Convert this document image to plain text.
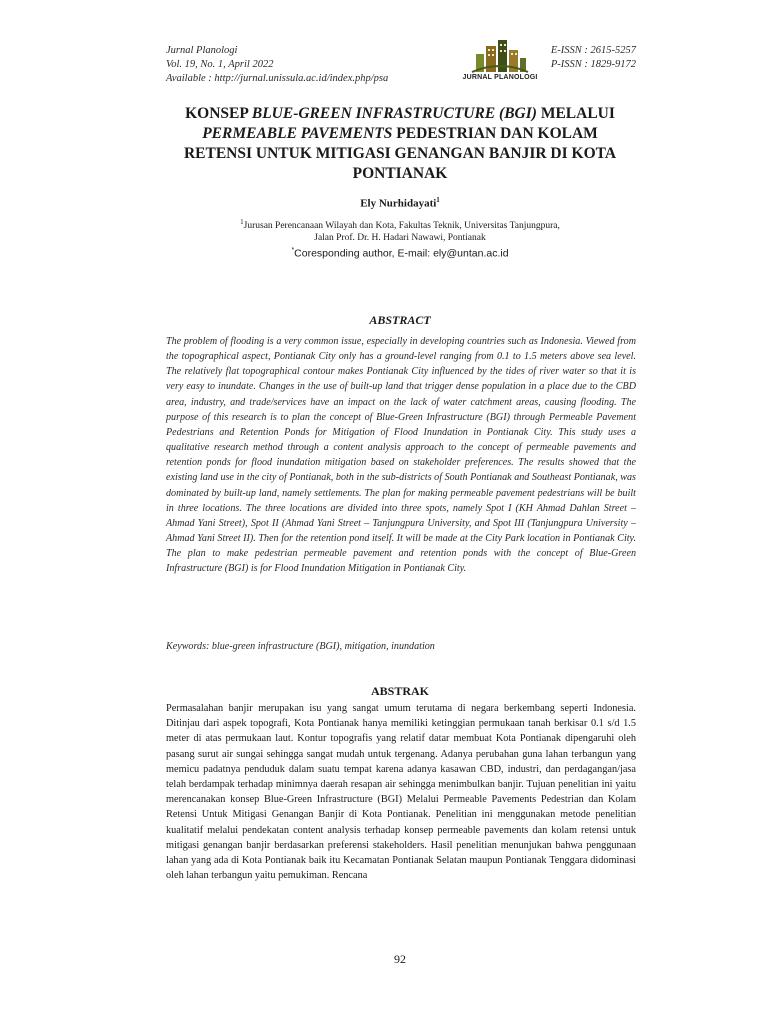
Jurnal Planologi
Vol. 19, No. 1, April 2022
Available : http://jurnal.unissula.ac.id/index.php/psa	JURNAL PLANOLOGI
E-ISSN : 2615-5257
P-ISSN : 1829-9172
KONSEP BLUE-GREEN INFRASTRUCTURE (BGI) MELALUI
PERMEABLE PAVEMENTS PEDESTRIAN DAN KOLAM
RETENSI UNTUK MITIGASI GENANGAN BANJIR DI KOTA
PONTIANAK
Ely Nurhidayati$^1$
$^1$Jurusan Perencanaan Wilayah dan Kota, Fakultas Teknik, Universitas Tanjungpura,
Jalan Prof. Dr. H. Hadari Nawawi, Pontianak
*Coresponding author, E-mail: ely@untan.ac.id
ABSTRACT
The problem of flooding is a very common issue, especially in developing countries such as Indonesia. Viewed from the topographical aspect, Pontianak City only has a ground-level ranging from 0.1 to 1.5 meters above sea level. The relatively flat topographical contour makes Pontianak City influenced by the tides of river water so that it is very easy to inundate. Changes in the use of built-up land that trigger dense population in a place due to the CBD area, industry, and trade/services have an impact on the lack of water catchment areas, causing flooding. The purpose of this research is to plan the concept of Blue-Green Infrastructure (BGI) through Permeable Pavement Pedestrians and Retention Ponds for Mitigation of Flood Inundation in Pontianak City. This study uses a qualitative research method through a content analysis approach to the concept of permeable pavements and retention ponds for flood inundation mitigation based on stakeholder preferences. The results showed that the existing land use in the city of Pontianak, both in the sub-districts of South Pontianak and Southeast Pontianak, was dominated by built-up land, namely settlements. The plan for making permeable pavement pedestrians will be built in three locations. The three locations are divided into three spots, namely Spot I (KH Ahmad Dahlan Street – Ahmad Yani Street), Spot II (Ahmad Yani Street – Tanjungpura University, and Spot III (Tanjungpura University – Ahmad Yani Street II). Then for the retention pond itself. It will be made at the City Park location in Pontianak City. The plan to make pedestrian permeable pavement and retention ponds with the concept of Blue-Green Infrastructure (BGI) is for Flood Inundation Mitigation in Pontianak City.
Keywords: blue-green infrastructure (BGI), mitigation, inundation
ABSTRAK
Permasalahan banjir merupakan isu yang sangat umum terutama di negara berkembang seperti Indonesia. Ditinjau dari aspek topografi, Kota Pontianak hanya memiliki ketinggian permukaan tanah berkisar 0.1 s/d 1.5 meter di atas permukaan laut. Kontur topografis yang relatif datar membuat Kota Pontianak dipengaruhi oleh pasang surut air sungai sehingga sangat mudah untuk tergenang. Adanya perubahan guna lahan terbangun yang memicu padatnya penduduk dalam suatu tempat karena adanya kasawan CBD, industri, dan perdagangan/jasa telah berdampak terhadap minimnya daerah resapan air sehingga menimbulkan banjir. Tujuan penelitian ini yaitu merencanakan konsep Blue-Green Infrastructure (BGI) Melalui Permeable Pavements Pedestrian dan Kolam Retensi Untuk Mitigasi Genangan Banjir di Kota Pontianak. Penelitian ini menggunakan metode penelitian kualitatif melalui pendekatan content analysis terhadap konsep permeable pavements dan kolam retensi untuk mitigasi genangan banjir berdasarkan preferensi stakeholders. Hasil penelitian menunjukan bahwa penggunaan lahan yang ada di Kota Pontianak baik itu Kecamatan Pontianak Selatan maupun Pontianak Tenggara didominasi oleh lahan terbangun yaitu pemukiman. Rencana
92
